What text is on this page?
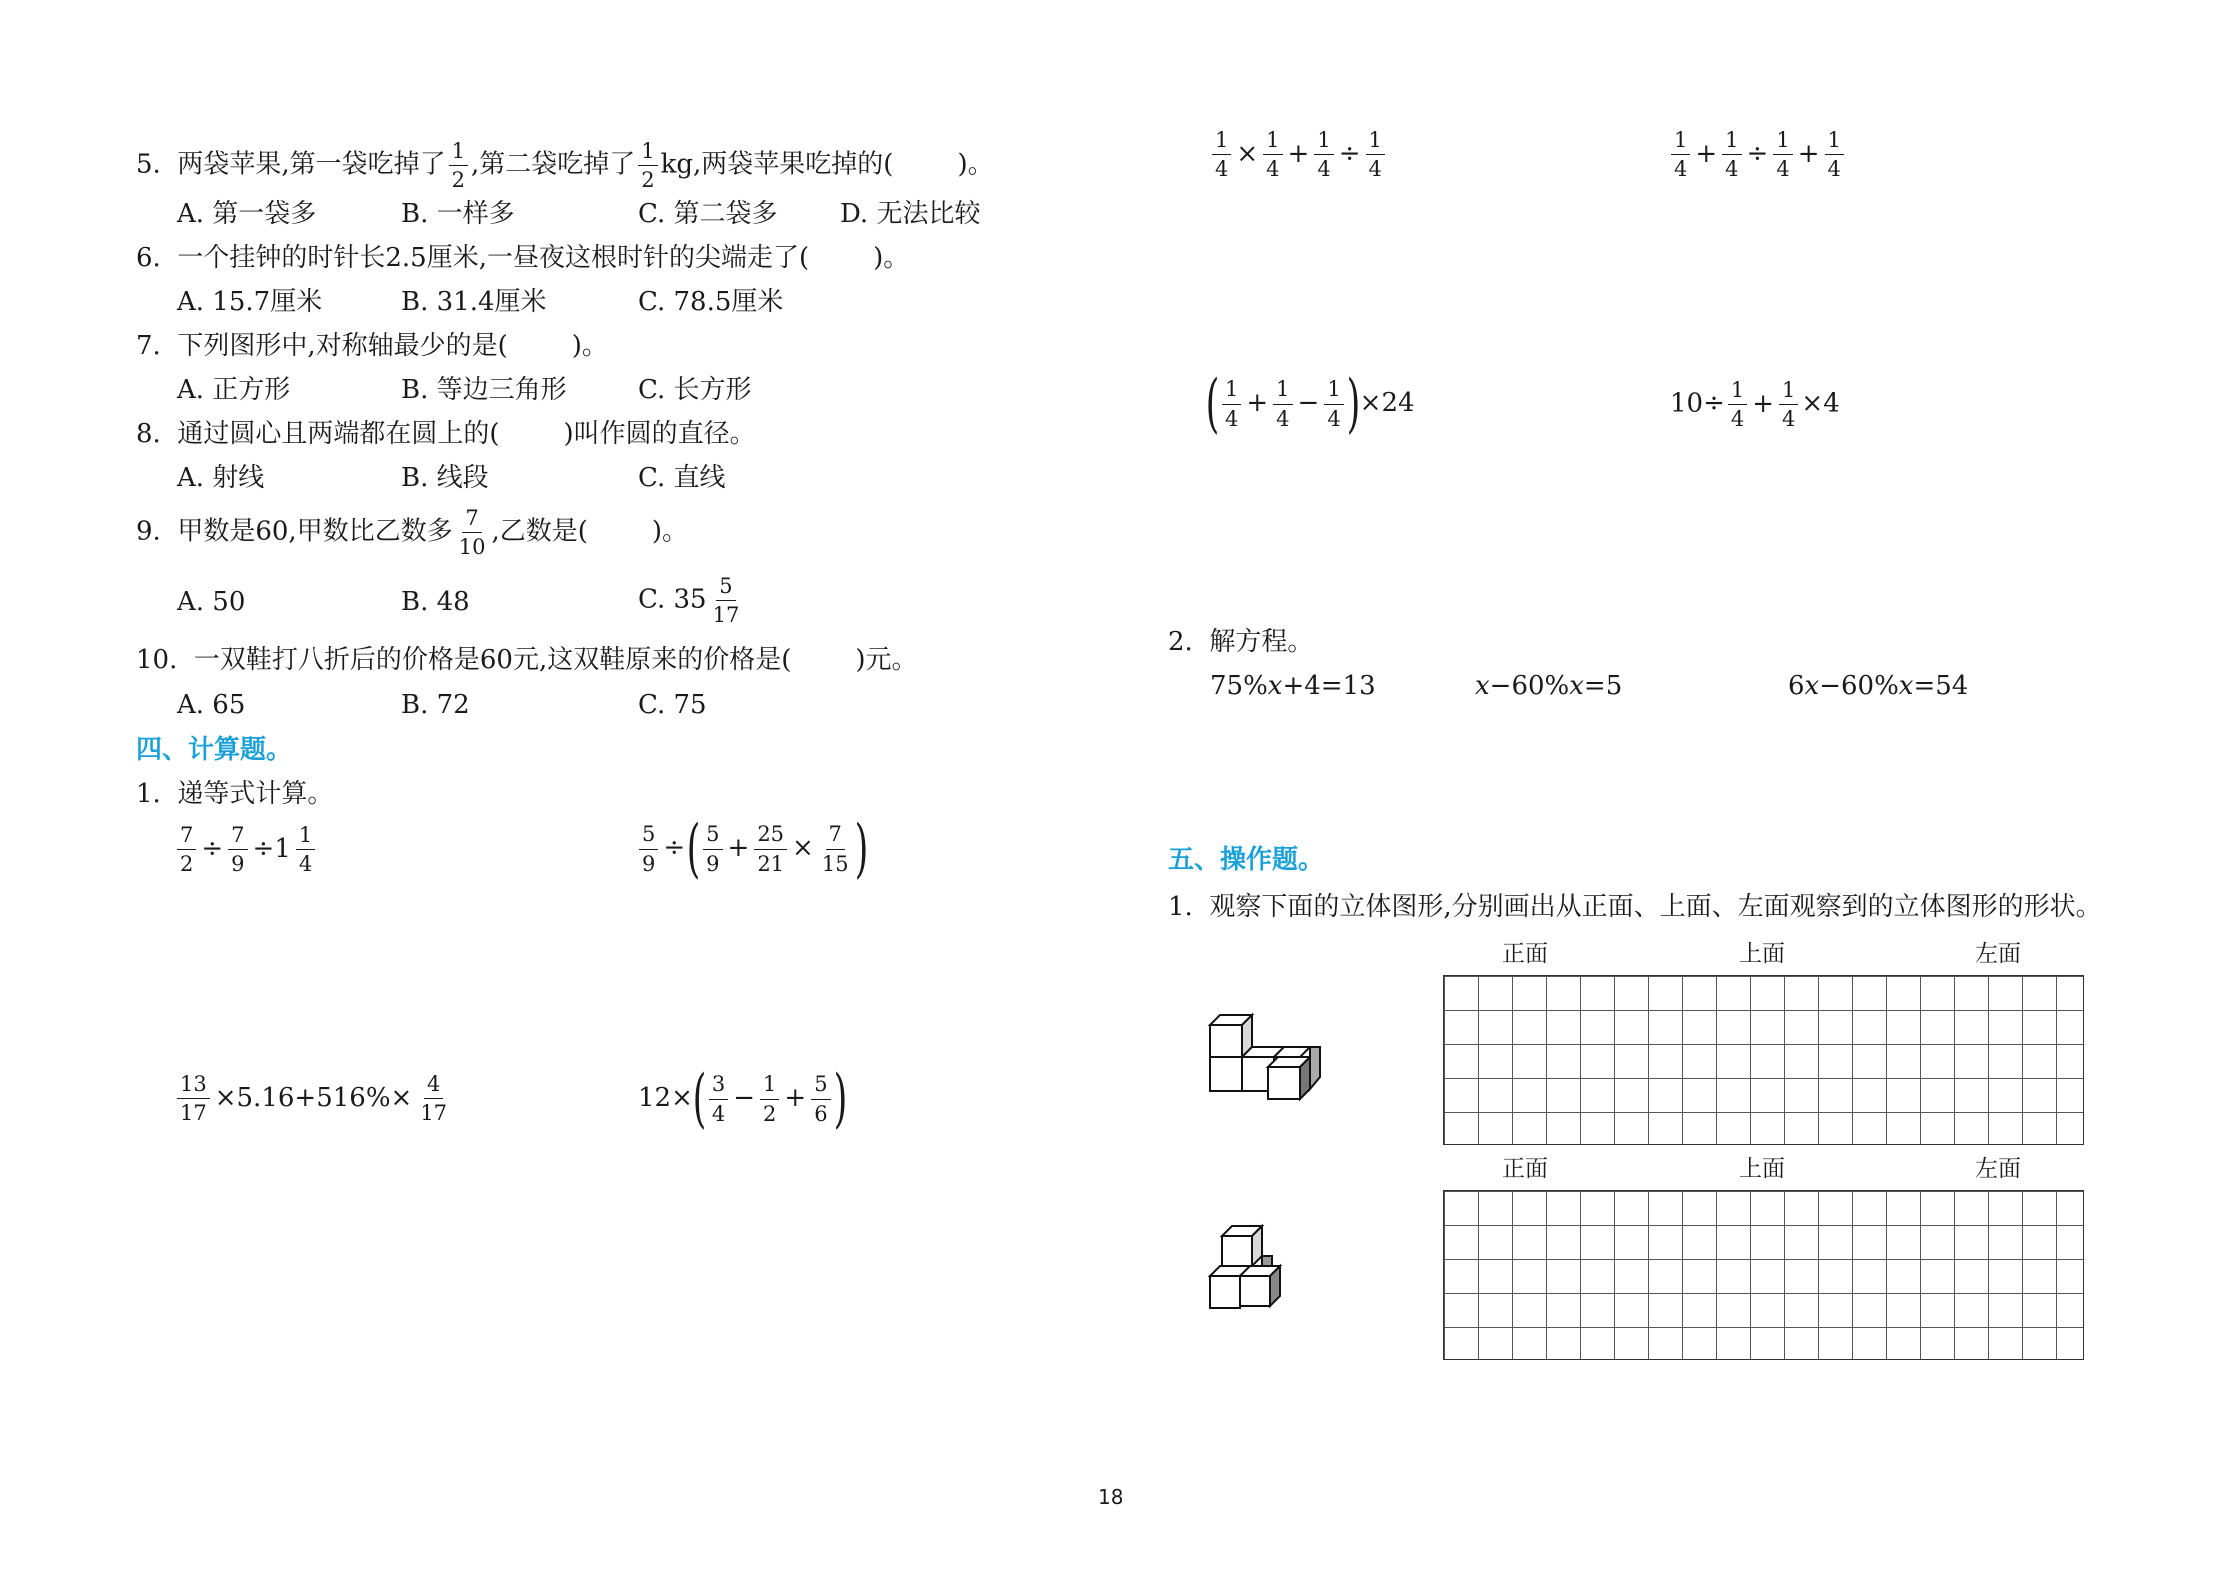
5. 两袋苹果,第一袋吃掉了 $\frac{1}{2}$ ,第二袋吃掉了 $\frac{1}{2}$ kg,两袋苹果吃掉的( )。
A. 第一袋多	B. 一样多	C. 第二袋多 D. 无法比较
6. 一个挂钟的时针长2.5厘米,一昼夜这根时针的尖端走了( )。
A. 15.7厘米	B. 31.4厘米	C. 78.5厘米
7. 下列图形中,对称轴最少的是( )。
A. 正方形	B. 等边三角形	C. 长方形
8. 通过圆心且两端都在圆上的( )叫作圆的直径。
A. 射线	B. 线段	C. 直线
9. 甲数是60,甲数比乙数多 $\frac{7}{10}$ ,乙数是( )。
A. 50	B. 48	C. $35 \frac{5}{17}$
10. 一双鞋打八折后的价格是60元,这双鞋原来的价格是( )元。
A. 65	B. 72	C. 75
四、计算题。
1. 递等式计算。
$\frac{7}{2} \div \frac{7}{9} \div 1 \frac{1}{4}$	$\frac{5}{9}$ ÷( $\frac{5}{9} + \frac{25}{21} \times \frac{7}{15}$ )
$\frac{13}{17} \times 5.16+516\%\times \frac{4}{17}$	$12\times( \frac{3}{4} - \frac{1}{2} + \frac{5}{6}$ )
$\frac{1}{4} \times \frac{1}{4} + \frac{1}{4} \div \frac{1}{4}$	$\frac{1}{4} + \frac{1}{4} \div \frac{1}{4} + \frac{1}{4}$
( $\frac{1}{4} + \frac{1}{4} - \frac{1}{4} )\times 24$	$10\div \frac{1}{4} + \frac{1}{4} \times 4$
2. 解方程。
75%x+4=13	x−60%x=5	6x−60%x=54
五、操作题。
1. 观察下面的立体图形,分别画出从正面、上面、左面观察到的立体图形的形状。
正面	上面	左面
正面	上面	左面
18
